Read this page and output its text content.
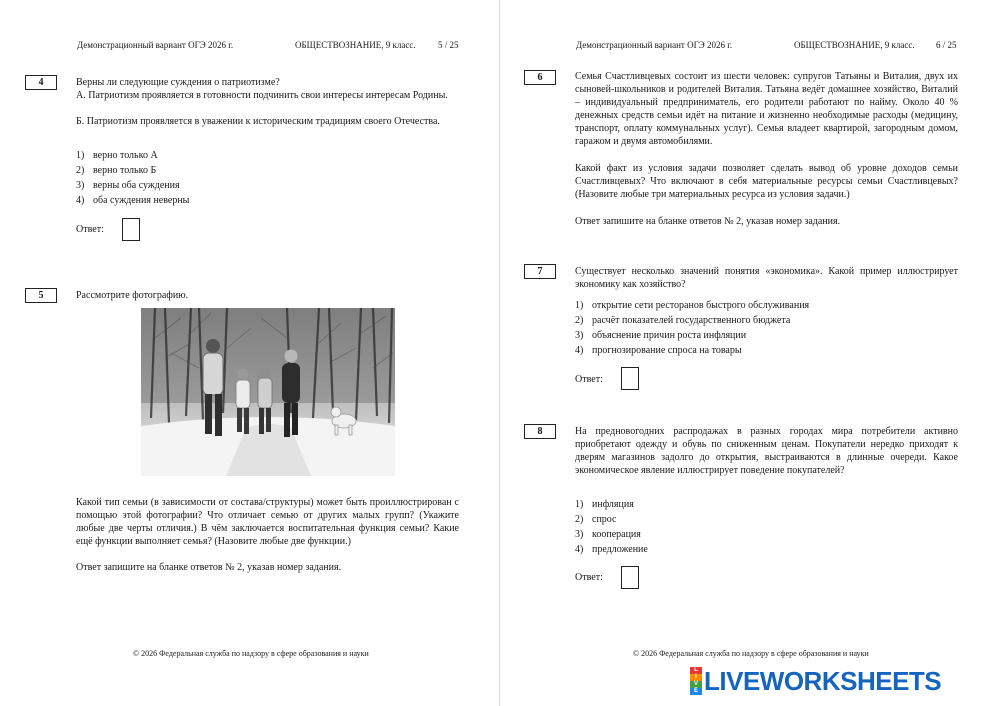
Демонстрационный вариант ОГЭ 2026 г.	ОБЩЕСТВОЗНАНИЕ, 9 класс. 5 / 25
4	Верны ли следующие суждения о патриотизме?
А. Патриотизм проявляется в готовности подчинить свои интересы интересам Родины.
Б. Патриотизм проявляется в уважении к историческим традициям своего Отечества.
1) верно только А
2) верно только Б
3) верны оба суждения
4) оба суждения неверны
Ответ:
5	Рассмотрите фотографию.
Какой тип семьи (в зависимости от состава/структуры) может быть проиллюстрирован с помощью этой фотографии? Что отличает семью от других малых групп? (Укажите любые две черты отличия.) В чём заключается воспитательная функция семьи? Какие ещё функции выполняет семья? (Назовите любые две функции.)
Ответ запишите на бланке ответов № 2, указав номер задания.
© 2026 Федеральная служба по надзору в сфере образования и науки
Демонстрационный вариант ОГЭ 2026 г.	ОБЩЕСТВОЗНАНИЕ, 9 класс. 6 / 25
6	Семья Счастливцевых состоит из шести человек: супругов Татьяны и Виталия, двух их сыновей-школьников и родителей Виталия. Татьяна ведёт домашнее хозяйство, Виталий – индивидуальный предприниматель, его родители работают по найму. Около 40 % денежных средств семьи идёт на питание и жизненно необходимые расходы (медицину, транспорт, оплату коммунальных услуг). Семья владеет квартирой, загородным домом, гаражом и двумя автомобилями.
Какой факт из условия задачи позволяет сделать вывод об уровне доходов семьи Счастливцевых? Что включают в себя материальные ресурсы семьи Счастливцевых? (Назовите любые три материальных ресурса из условия задачи.)
Ответ запишите на бланке ответов № 2, указав номер задания.
7	Существует несколько значений понятия «экономика». Какой пример иллюстрирует экономику как хозяйство?
1) открытие сети ресторанов быстрого обслуживания
2) расчёт показателей государственного бюджета
3) объяснение причин роста инфляции
4) прогнозирование спроса на товары
Ответ:
8	На предновогодних распродажах в разных городах мира потребители активно приобретают одежду и обувь по сниженным ценам. Покупатели нередко приходят к дверям магазинов задолго до открытия, выстраиваются в длинные очереди. Какое экономическое явление иллюстрирует поведение покупателей?
1) инфляция
2) спрос
3) кооперация
4) предложение
Ответ:
© 2026 Федеральная служба по надзору в сфере образования и науки
L
I
V
E LIVEWORKSHEETS
